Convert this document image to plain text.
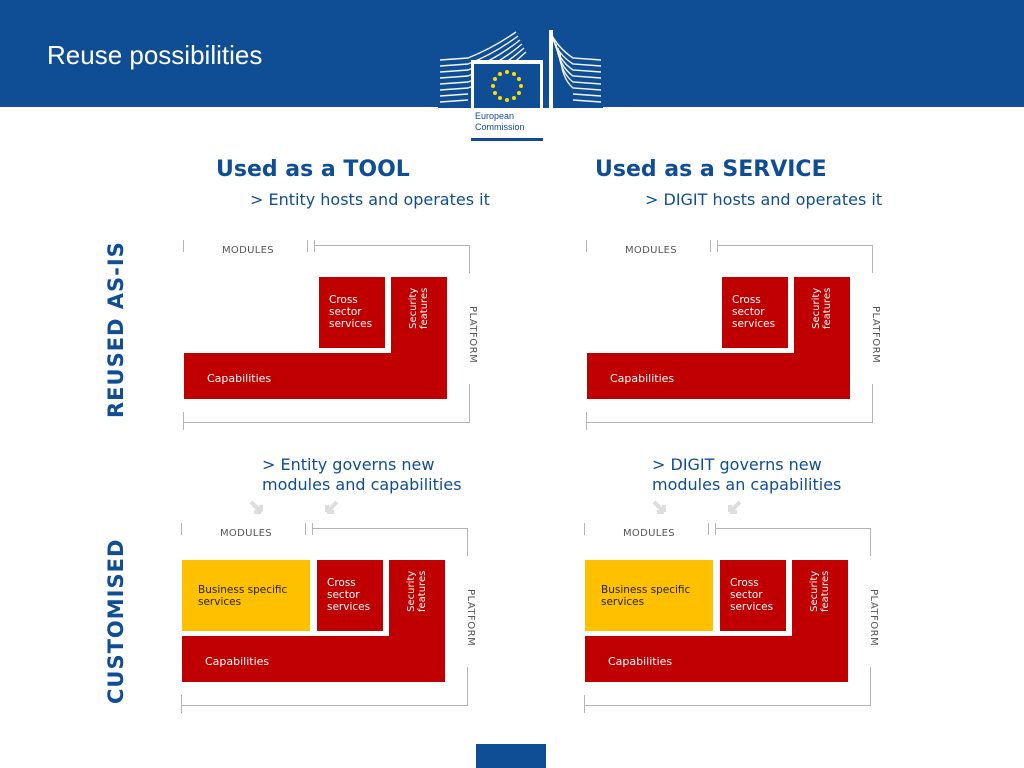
Reuse possibilities
European
Commission
Used as a TOOL	Used as a SERVICE
> Entity hosts and operates it	> DIGIT hosts and operates it
REUSED AS-IS
CUSTOMISED
> Entity governs new
modules and capabilities
> DIGIT governs new
modules an capabilities
MODULES
PLATFORM
Cross
sector
services	Security features
Capabilities
MODULES
PLATFORM
Cross
sector
services	Security features
Capabilities
MODULES
PLATFORM
Business specific
services
Cross
sector
services	Security features
Capabilities
MODULES
PLATFORM
Business specific
services
Cross
sector
services	Security features
Capabilities
